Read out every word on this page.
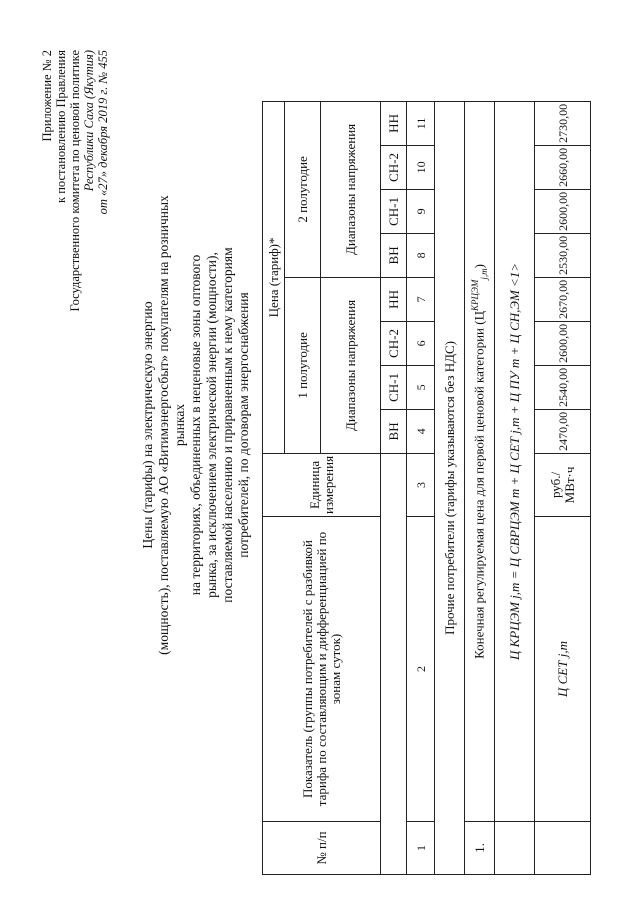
Приложение № 2 к постановлению Правления Государственного комитета по ценовой политике Республики Саха (Якутия) от «27» декабря 2019 г. № 455
Цены (тарифы) на электрическую энергию (мощность), поставляемую АО «Витимэнергосбыт» покупателям на розничных рынках на территориях, объединенных в неценовые зоны оптового рынка, за исключением электрической энергии (мощности), поставляемой населению и приравненным к нему категориям потребителей, по договорам энергоснабжения
№ п/п	Показатель (группы потребителей с разбивкой тарифа по составляющим и дифференциацией по зонам суток)	Единица измерения	Цена (тариф)*							
			1 полугодие				2 полугодие			
			Диапазоны напряжения				Диапазоны напряжения			
			ВН	СН-1	СН-2	НН	ВН	СН-1	СН-2	НН
1	2	3	4	5	6	7	8	9	10	11
Прочие потребители (тарифы указываются без НДС)										
1.	Конечная регулируемая цена для первой ценовой категории $(Ц^{КРЦЭМ}_{j,m})$									
	Ц КРЦЭМ j,m = Ц СВРЦЭМ m + Ц СЕТ j,m + Ц ПУ m + Ц СН,ЭМ <1>									
	Ц СЕТ j,m	руб./МВт·ч	2470,00	2540,00	2600,00	2670,00	2530,00	2600,00	2660,00	2730,00
